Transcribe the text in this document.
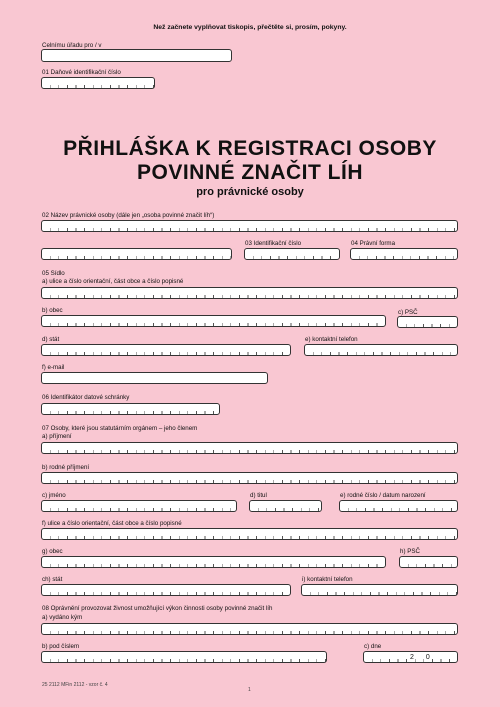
Než začnete vyplňovat tiskopis, přečtěte si, prosím, pokyny.
Celnímu úřadu pro / v
01 Daňové identifikační číslo
PŘIHLÁŠKA K REGISTRACI OSOBY
POVINNÉ ZNAČIT LÍH
pro právnické osoby
02 Název právnické osoby (dále jen „osoba povinné značit líh“)
03 Identifikační číslo	04 Právní forma
05 Sídlo
a) ulice a číslo orientační, část obce a číslo popisné
b) obec	c) PSČ
d) stát	e) kontaktní telefon
f) e-mail
06 Identifikátor datové schránky
07 Osoby, které jsou statutárním orgánem – jeho členem
a) příjmení
b) rodné příjmení
c) jméno	d) titul	e) rodné číslo / datum narození
f) ulice a číslo orientační, část obce a číslo popisné
g) obec	h) PSČ
ch) stát	i) kontaktní telefon
08 Oprávnění provozovat živnost umožňující výkon činnosti osoby povinné značit líh
a) vydáno kým
b) pod číslem	c) dne
2 0
25 2112 MFin 2112 - vzor č. 4
1
